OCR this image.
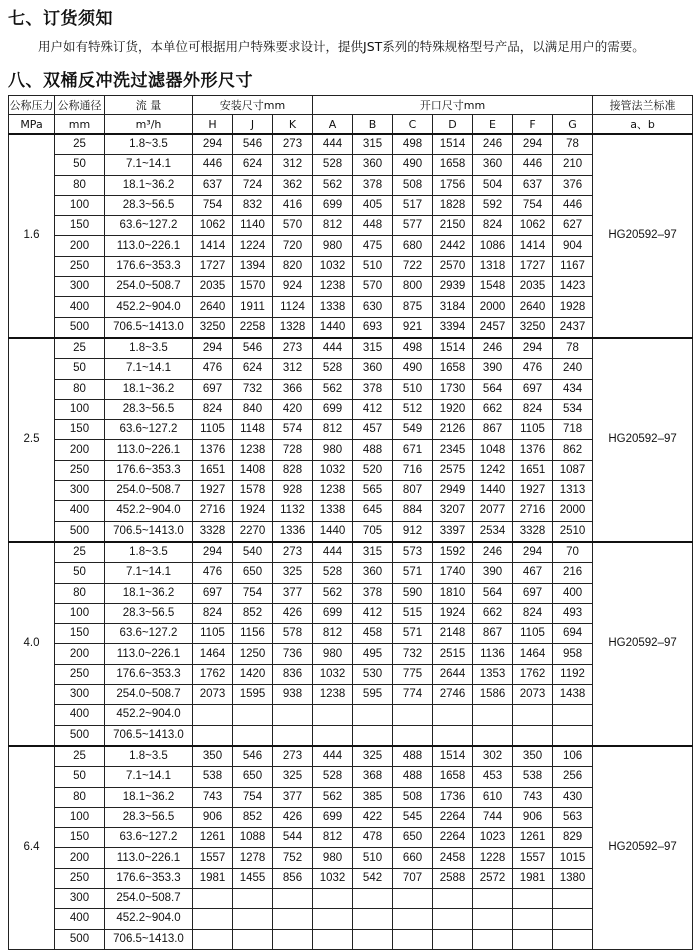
七、订货须知
用户如有特殊订货，本单位可根据用户特殊要求设计，提供JST系列的特殊规格型号产品，以满足用户的需要。
八、双桶反冲洗过滤器外形尺寸
公称压力	公称通径	流 量	安装尺寸mm			开口尺寸mm							接管法兰标准
MPa	mm	m³/h	H	J	K	A	B	C	D	E	F	G	a、b
1.6	25	1.8~3.5	294	546	273	444	315	498	1514	246	294	78	HG20592–97
	50	7.1~14.1	446	624	312	528	360	490	1658	360	446	210	
	80	18.1~36.2	637	724	362	562	378	508	1756	504	637	376	
	100	28.3~56.5	754	832	416	699	405	517	1828	592	754	446	
	150	63.6~127.2	1062	1140	570	812	448	577	2150	824	1062	627	
	200	113.0~226.1	1414	1224	720	980	475	680	2442	1086	1414	904	
	250	176.6~353.3	1727	1394	820	1032	510	722	2570	1318	1727	1167	
	300	254.0~508.7	2035	1570	924	1238	570	800	2939	1548	2035	1423	
	400	452.2~904.0	2640	1911	1124	1338	630	875	3184	2000	2640	1928	
	500	706.5~1413.0	3250	2258	1328	1440	693	921	3394	2457	3250	2437	
2.5	25	1.8~3.5	294	546	273	444	315	498	1514	246	294	78	HG20592–97
	50	7.1~14.1	476	624	312	528	360	490	1658	390	476	240	
	80	18.1~36.2	697	732	366	562	378	510	1730	564	697	434	
	100	28.3~56.5	824	840	420	699	412	512	1920	662	824	534	
	150	63.6~127.2	1105	1148	574	812	457	549	2126	867	1105	718	
	200	113.0~226.1	1376	1238	728	980	488	671	2345	1048	1376	862	
	250	176.6~353.3	1651	1408	828	1032	520	716	2575	1242	1651	1087	
	300	254.0~508.7	1927	1578	928	1238	565	807	2949	1440	1927	1313	
	400	452.2~904.0	2716	1924	1132	1338	645	884	3207	2077	2716	2000	
	500	706.5~1413.0	3328	2270	1336	1440	705	912	3397	2534	3328	2510	
4.0	25	1.8~3.5	294	540	273	444	315	573	1592	246	294	70	HG20592–97
	50	7.1~14.1	476	650	325	528	360	571	1740	390	467	216	
	80	18.1~36.2	697	754	377	562	378	590	1810	564	697	400	
	100	28.3~56.5	824	852	426	699	412	515	1924	662	824	493	
	150	63.6~127.2	1105	1156	578	812	458	571	2148	867	1105	694	
	200	113.0~226.1	1464	1250	736	980	495	732	2515	1136	1464	958	
	250	176.6~353.3	1762	1420	836	1032	530	775	2644	1353	1762	1192	
	300	254.0~508.7	2073	1595	938	1238	595	774	2746	1586	2073	1438	
	400	452.2~904.0											
	500	706.5~1413.0											
6.4	25	1.8~3.5	350	546	273	444	325	488	1514	302	350	106	HG20592–97
	50	7.1~14.1	538	650	325	528	368	488	1658	453	538	256	
	80	18.1~36.2	743	754	377	562	385	508	1736	610	743	430	
	100	28.3~56.5	906	852	426	699	422	545	2264	744	906	563	
	150	63.6~127.2	1261	1088	544	812	478	650	2264	1023	1261	829	
	200	113.0~226.1	1557	1278	752	980	510	660	2458	1228	1557	1015	
	250	176.6~353.3	1981	1455	856	1032	542	707	2588	2572	1981	1380	
	300	254.0~508.7											
	400	452.2~904.0											
	500	706.5~1413.0											
